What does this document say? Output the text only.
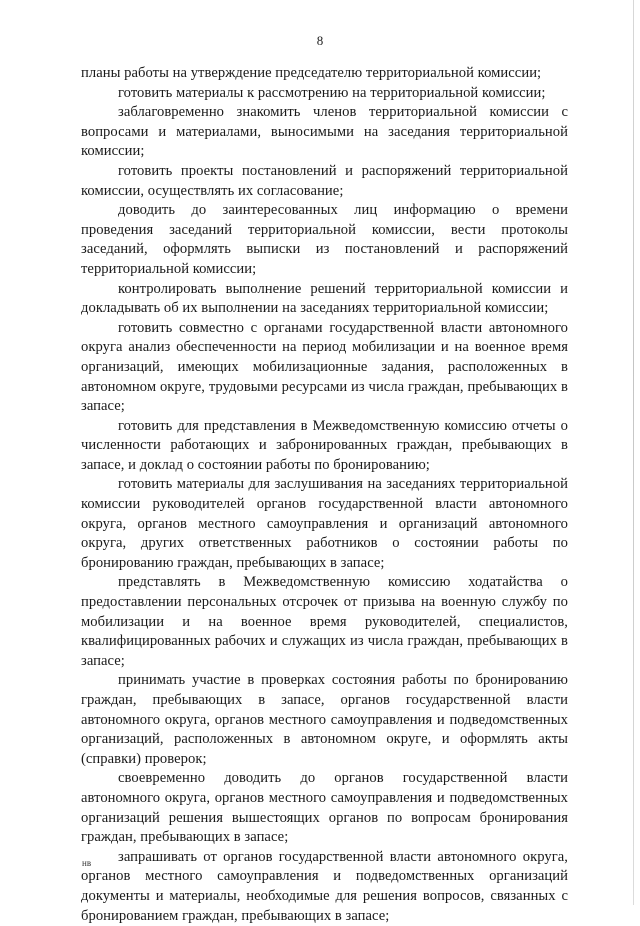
8

планы работы на утверждение председателю территориальной комиссии;

готовить материалы к рассмотрению на территориальной комиссии;

заблаговременно знакомить членов территориальной комиссии с вопросами и материалами, выносимыми на заседания территориальной комиссии;

готовить проекты постановлений и распоряжений территориальной комиссии, осуществлять их согласование;

доводить до заинтересованных лиц информацию о времени проведения заседаний территориальной комиссии, вести протоколы заседаний, оформлять выписки из постановлений и распоряжений территориальной комиссии;

контролировать выполнение решений территориальной комиссии и докладывать об их выполнении на заседаниях территориальной комиссии;

готовить совместно с органами государственной власти автономного округа анализ обеспеченности на период мобилизации и на военное время организаций, имеющих мобилизационные задания, расположенных в автономном округе, трудовыми ресурсами из числа граждан, пребывающих в запасе;

готовить для представления в Межведомственную комиссию отчеты о численности работающих и забронированных граждан, пребывающих в запасе, и доклад о состоянии работы по бронированию;

готовить материалы для заслушивания на заседаниях территориальной комиссии руководителей органов государственной власти автономного округа, органов местного самоуправления и организаций автономного округа, других ответственных работников о состоянии работы по бронированию граждан, пребывающих в запасе;

представлять в Межведомственную комиссию ходатайства о предоставлении персональных отсрочек от призыва на военную службу по мобилизации и на военное время руководителей, специалистов, квалифицированных рабочих и служащих из числа граждан, пребывающих в запасе;

принимать участие в проверках состояния работы по бронированию граждан, пребывающих в запасе, органов государственной власти автономного округа, органов местного самоуправления и подведомственных организаций, расположенных в автономном округе, и оформлять акты (справки) проверок;

своевременно доводить до органов государственной власти автономного округа, органов местного самоуправления и подведомственных организаций решения вышестоящих органов по вопросам бронирования граждан, пребывающих в запасе;

запрашивать от органов государственной власти автономного округа, органов местного самоуправления и подведомственных организаций документы и материалы, необходимые для решения вопросов, связанных с бронированием граждан, пребывающих в запасе;

нв
